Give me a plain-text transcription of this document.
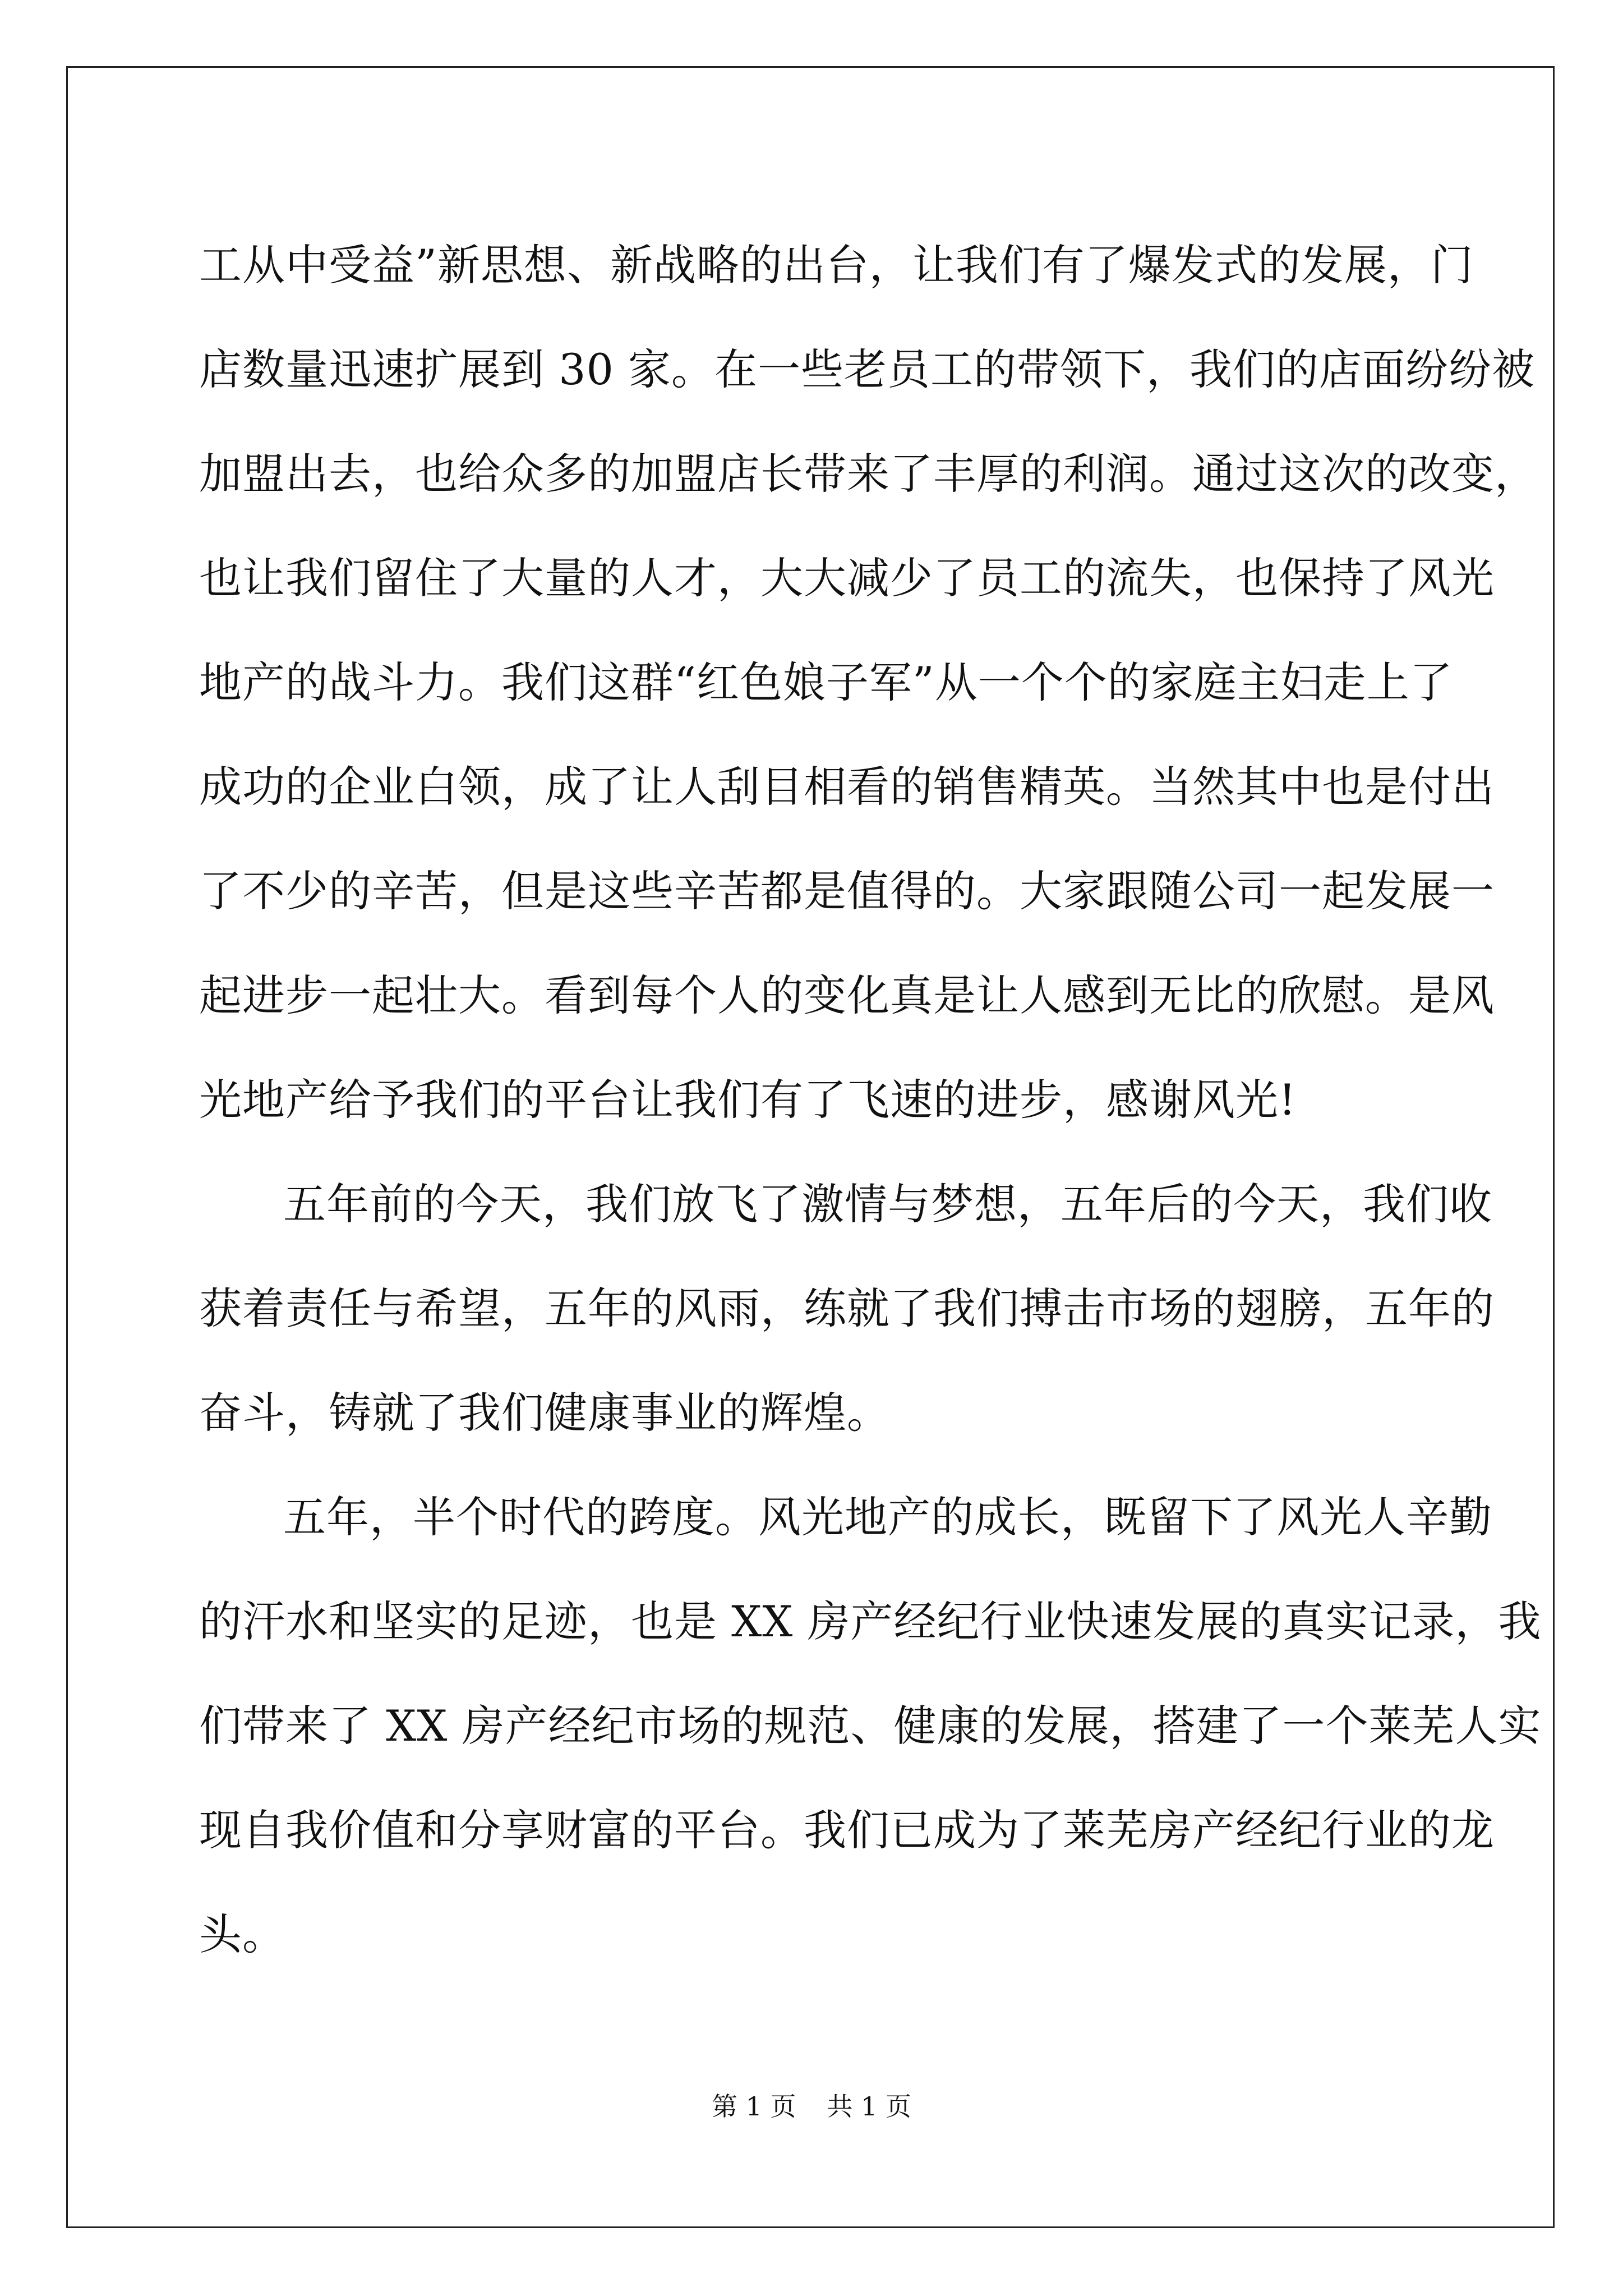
工从中受益”新思想、新战略的出台，让我们有了爆发式的发展，门
店数量迅速扩展到 30 家。在一些老员工的带领下，我们的店面纷纷被
加盟出去，也给众多的加盟店长带来了丰厚的利润。通过这次的改变，
也让我们留住了大量的人才，大大减少了员工的流失，也保持了风光
地产的战斗力。我们这群“红色娘子军”从一个个的家庭主妇走上了
成功的企业白领，成了让人刮目相看的销售精英。当然其中也是付出
了不少的辛苦，但是这些辛苦都是值得的。大家跟随公司一起发展一
起进步一起壮大。看到每个人的变化真是让人感到无比的欣慰。是风
光地产给予我们的平台让我们有了飞速的进步，感谢风光!
五年前的今天，我们放飞了激情与梦想，五年后的今天，我们收
获着责任与希望，五年的风雨，练就了我们搏击市场的翅膀，五年的
奋斗，铸就了我们健康事业的辉煌。
五年，半个时代的跨度。风光地产的成长，既留下了风光人辛勤
的汗水和坚实的足迹，也是 XX 房产经纪行业快速发展的真实记录，我
们带来了 XX 房产经纪市场的规范、健康的发展，搭建了一个莱芜人实
现自我价值和分享财富的平台。我们已成为了莱芜房产经纪行业的龙
头。
第 1 页 共 1 页
